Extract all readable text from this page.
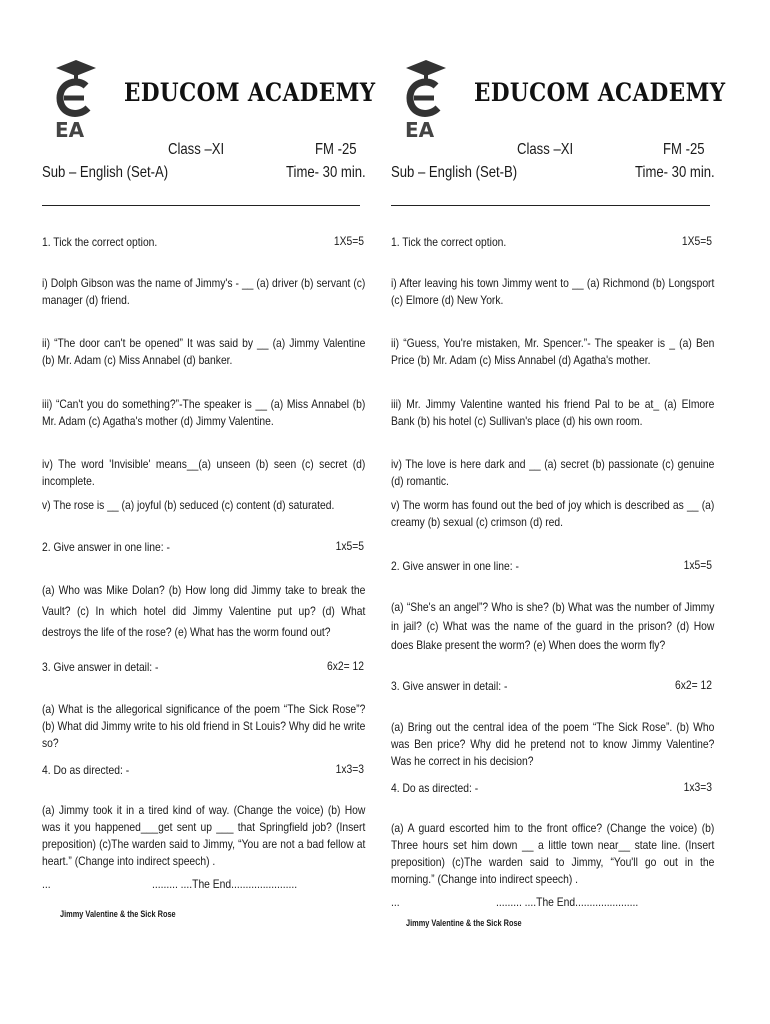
EA
EDUCOM ACADEMY
Class –XI	FM -25
Sub – English (Set-A)	Time- 30 min.
1. Tick the correct option.	1X5=5
i) Dolph Gibson was the name of Jimmy's - __ (a) driver (b) servant (c) manager (d) friend.
ii) “The door can't be opened” It was said by __ (a) Jimmy Valentine (b) Mr. Adam (c) Miss Annabel (d) banker.
iii) “Can't you do something?”-The speaker is __ (a) Miss Annabel (b) Mr. Adam (c) Agatha's mother (d) Jimmy Valentine.
iv) The word 'Invisible' means__(a) unseen (b) seen (c) secret (d) incomplete.
v) The rose is __ (a) joyful (b) seduced (c) content (d) saturated.
2. Give answer in one line: -	1x5=5
(a) Who was Mike Dolan? (b) How long did Jimmy take to break the Vault? (c) In which hotel did Jimmy Valentine put up? (d) What destroys the life of the rose? (e) What has the worm found out?
3. Give answer in detail: -	6x2= 12
(a) What is the allegorical significance of the poem “The Sick Rose”? (b) What did Jimmy write to his old friend in St Louis? Why did he write so?
4. Do as directed: -	1x3=3
(a) Jimmy took it in a tired kind of way. (Change the voice) (b) How was it you happened___get sent up ___ that Springfield job? (Insert preposition) (c)The warden said to Jimmy, “You are not a bad fellow at heart.” (Change into indirect speech) .
...	......... ....The End.......................
Jimmy Valentine & the Sick Rose
EA
EDUCOM ACADEMY
Class –XI	FM -25
Sub – English (Set-B)	Time- 30 min.
1. Tick the correct option.	1X5=5
i) After leaving his town Jimmy went to __ (a) Richmond (b) Longsport (c) Elmore (d) New York.
ii) “Guess, You're mistaken, Mr. Spencer.”- The speaker is _ (a) Ben Price (b) Mr. Adam (c) Miss Annabel (d) Agatha's mother.
iii) Mr. Jimmy Valentine wanted his friend Pal to be at_ (a) Elmore Bank (b) his hotel (c) Sullivan's place (d) his own room.
iv) The love is here dark and __ (a) secret (b) passionate (c) genuine (d) romantic.
v) The worm has found out the bed of joy which is described as __ (a) creamy (b) sexual (c) crimson (d) red.
2. Give answer in one line: -	1x5=5
(a) “She's an angel”? Who is she? (b) What was the number of Jimmy in jail? (c) What was the name of the guard in the prison? (d) How does Blake present the worm? (e) When does the worm fly?
3. Give answer in detail: -	6x2= 12
(a) Bring out the central idea of the poem “The Sick Rose”. (b) Who was Ben price? Why did he pretend not to know Jimmy Valentine? Was he correct in his decision?
4. Do as directed: -	1x3=3
(a) A guard escorted him to the front office? (Change the voice) (b) Three hours set him down __ a little town near__ state line. (Insert preposition) (c)The warden said to Jimmy, “You'll go out in the morning.” (Change into indirect speech) .
...	......... ....The End......................
Jimmy Valentine & the Sick Rose
